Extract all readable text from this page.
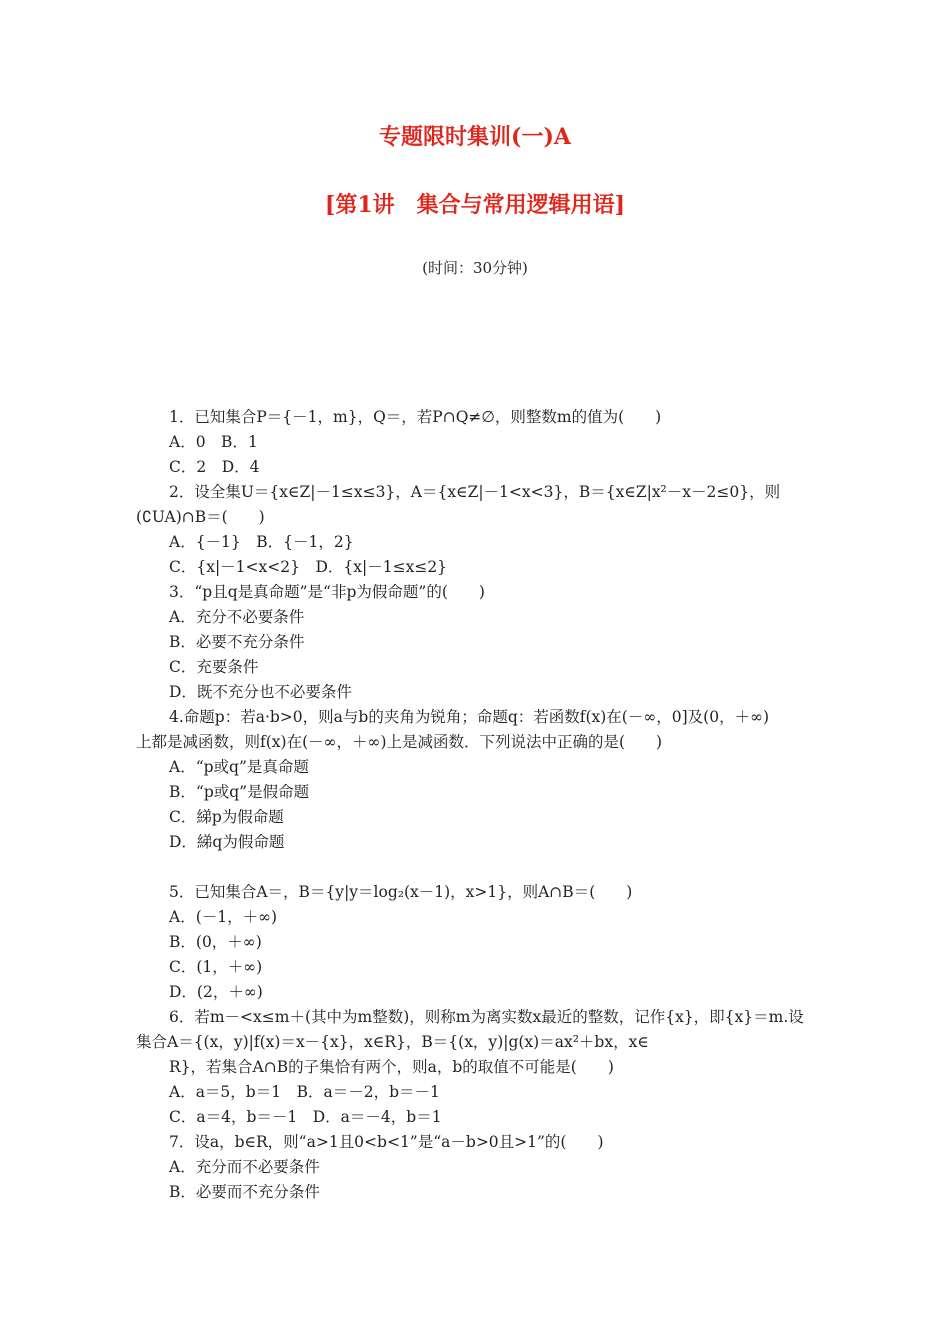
专题限时集训(一)A
[第1讲　集合与常用逻辑用语]
(时间：30分钟)
1．已知集合P＝{－1，m}，Q＝，若P∩Q≠∅，则整数m的值为(　　)
A．0　B．1
C．2　D．4
2．设全集U＝{x∈Z|－1≤x≤3}，A＝{x∈Z|－1<x<3}，B＝{x∈Z|x²－x－2≤0}，则
(∁UA)∩B＝(　　)
A．{－1}　B．{－1，2}
C．{x|－1<x<2}　D．{x|－1≤x≤2}
3．“p且q是真命题”是“非p为假命题”的(　　)
A．充分不必要条件
B．必要不充分条件
C．充要条件
D．既不充分也不必要条件
4.命题p：若a·b>0，则a与b的夹角为锐角；命题q：若函数f(x)在(－∞，0]及(0，＋∞)
上都是减函数，则f(x)在(－∞，＋∞)上是减函数．下列说法中正确的是(　　)
A．“p或q”是真命题
B．“p或q”是假命题
C．綈p为假命题
D．綈q为假命题
5．已知集合A＝，B＝{y|y＝log₂(x－1)，x>1}，则A∩B＝(　　)
A．(－1，＋∞)
B．(0，＋∞)
C．(1，＋∞)
D．(2，＋∞)
6．若m－<x≤m＋(其中为m整数)，则称m为离实数x最近的整数，记作{x}，即{x}＝m.设
集合A＝{(x，y)|f(x)＝x－{x}，x∈R}，B＝{(x，y)|g(x)＝ax²＋bx，x∈
R}，若集合A∩B的子集恰有两个，则a，b的取值不可能是(　　)
A．a＝5，b＝1　B．a＝－2，b＝－1
C．a＝4，b＝－1　D．a＝－4，b＝1
7．设a，b∈R，则“a>1且0<b<1”是“a－b>0且>1”的(　　)
A．充分而不必要条件
B．必要而不充分条件
